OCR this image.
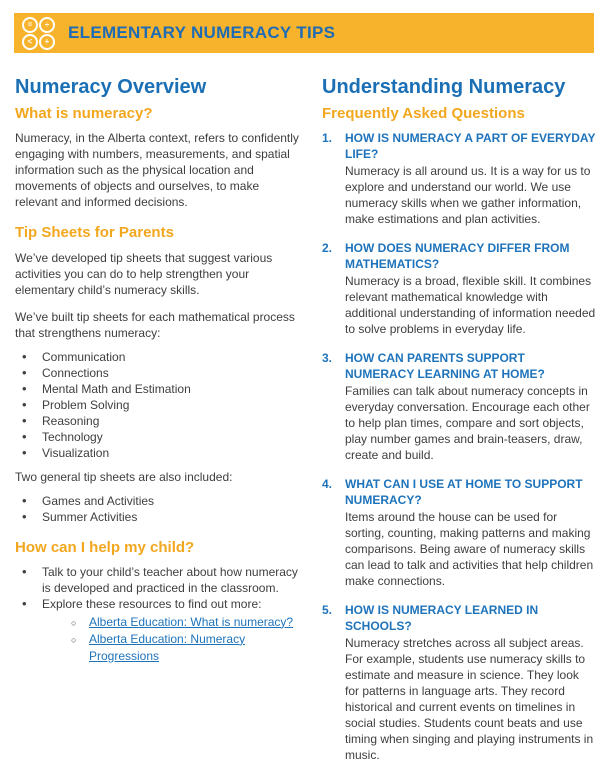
=	÷
<	+	ELEMENTARY NUMERACY TIPS
Numeracy Overview
What is numeracy?

Numeracy, in the Alberta context, refers to confidently engaging with numbers, measurements, and spatial information such as the physical location and movements of objects and ourselves, to make relevant and informed decisions.

Tip Sheets for Parents

We’ve developed tip sheets that suggest various activities you can do to help strengthen your elementary child’s numeracy skills.

We’ve built tip sheets for each mathematical process that strengthens numeracy:

• Communication
• Connections
• Mental Math and Estimation
• Problem Solving
• Reasoning
• Technology
• Visualization

Two general tip sheets are also included:

• Games and Activities
• Summer Activities
How can I help my child?
• Talk to your child’s teacher about how numeracy is developed and practiced in the classroom.
• Explore these resources to find out more:
○ Alberta Education: What is numeracy?
○ Alberta Education: Numeracy Progressions
Understanding Numeracy
Frequently Asked Questions
1.	HOW IS NUMERACY A PART OF EVERYDAY LIFE?
Numeracy is all around us. It is a way for us to explore and understand our world. We use numeracy skills when we gather information, make estimations and plan activities.
2.	HOW DOES NUMERACY DIFFER FROM MATHEMATICS?
Numeracy is a broad, flexible skill. It combines relevant mathematical knowledge with additional understanding of information needed to solve problems in everyday life.
3.	HOW CAN PARENTS SUPPORT NUMERACY LEARNING AT HOME?
Families can talk about numeracy concepts in everyday conversation. Encourage each other to help plan times, compare and sort objects, play number games and brain-teasers, draw, create and build.
4.	WHAT CAN I USE AT HOME TO SUPPORT NUMERACY?
Items around the house can be used for sorting, counting, making patterns and making comparisons. Being aware of numeracy skills can lead to talk and activities that help children make connections.
5.	HOW IS NUMERACY LEARNED IN SCHOOLS?
Numeracy stretches across all subject areas. For example, students use numeracy skills to estimate and measure in science. They look for patterns in language arts. They record historical and current events on timelines in social studies. Students count beats and use timing when singing and playing instruments in music.
